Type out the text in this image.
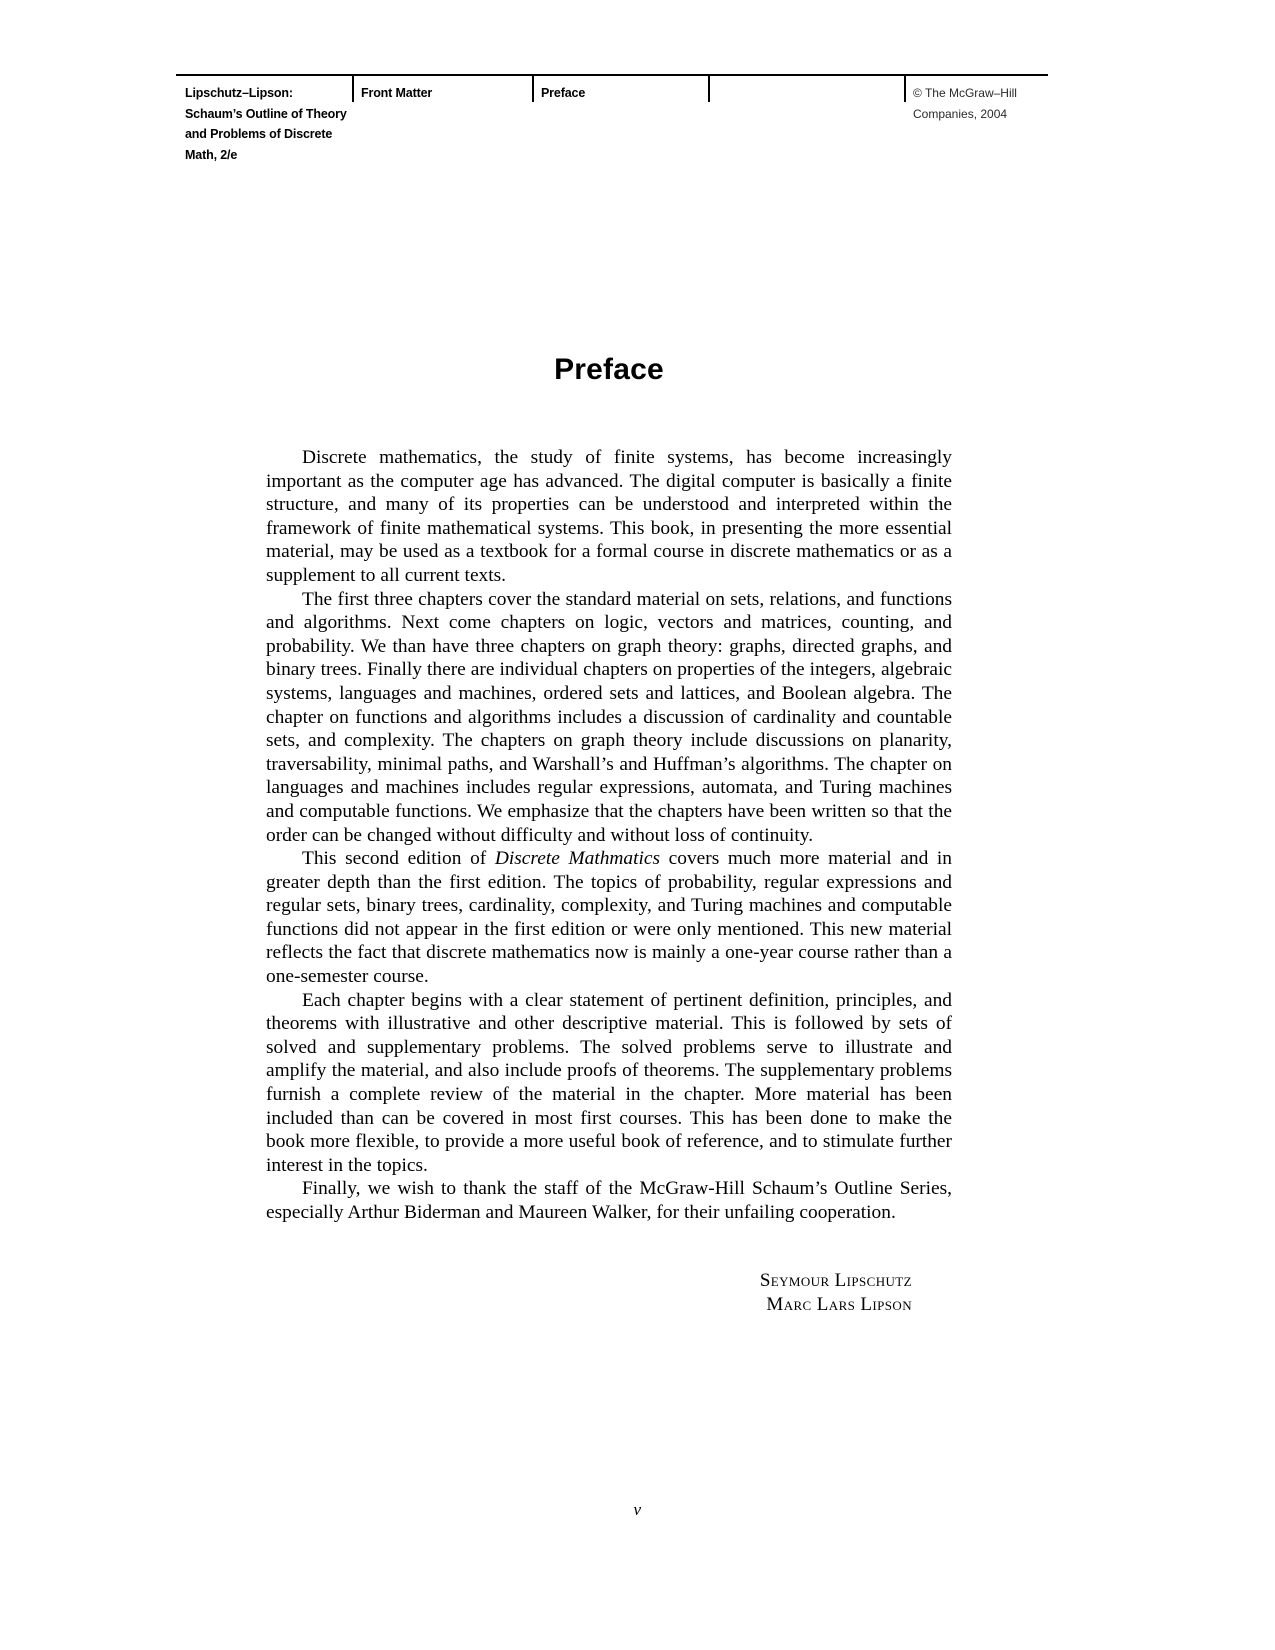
Lipschutz–Lipson:
Schaum’s Outline of Theory
and Problems of Discrete
Math, 2/e
Front Matter	Preface	© The McGraw–Hill
Companies, 2004
Preface

Discrete mathematics, the study of finite systems, has become increasingly important as the computer age has advanced. The digital computer is basically a finite structure, and many of its properties can be understood and interpreted within the framework of finite mathematical systems. This book, in presenting the more essential material, may be used as a textbook for a formal course in discrete mathematics or as a supplement to all current texts.

The first three chapters cover the standard material on sets, relations, and functions and algorithms. Next come chapters on logic, vectors and matrices, counting, and probability. We than have three chapters on graph theory: graphs, directed graphs, and binary trees. Finally there are individual chapters on properties of the integers, algebraic systems, languages and machines, ordered sets and lattices, and Boolean algebra. The chapter on functions and algorithms includes a discussion of cardinality and countable sets, and complexity. The chapters on graph theory include discussions on planarity, traversability, minimal paths, and Warshall’s and Huffman’s algorithms. The chapter on languages and machines includes regular expressions, automata, and Turing machines and computable functions. We emphasize that the chapters have been written so that the order can be changed without difficulty and without loss of continuity.

This second edition of Discrete Mathmatics covers much more material and in greater depth than the first edition. The topics of probability, regular expressions and regular sets, binary trees, cardinality, complexity, and Turing machines and computable functions did not appear in the first edition or were only mentioned. This new material reflects the fact that discrete mathematics now is mainly a one-year course rather than a one-semester course.

Each chapter begins with a clear statement of pertinent definition, principles, and theorems with illustrative and other descriptive material. This is followed by sets of solved and supplementary problems. The solved problems serve to illustrate and amplify the material, and also include proofs of theorems. The supplementary problems furnish a complete review of the material in the chapter. More material has been included than can be covered in most first courses. This has been done to make the book more flexible, to provide a more useful book of reference, and to stimulate further interest in the topics.

Finally, we wish to thank the staff of the McGraw-Hill Schaum’s Outline Series, especially Arthur Biderman and Maureen Walker, for their unfailing cooperation.

Seymour Lipschutz
Marc Lars Lipson
v
